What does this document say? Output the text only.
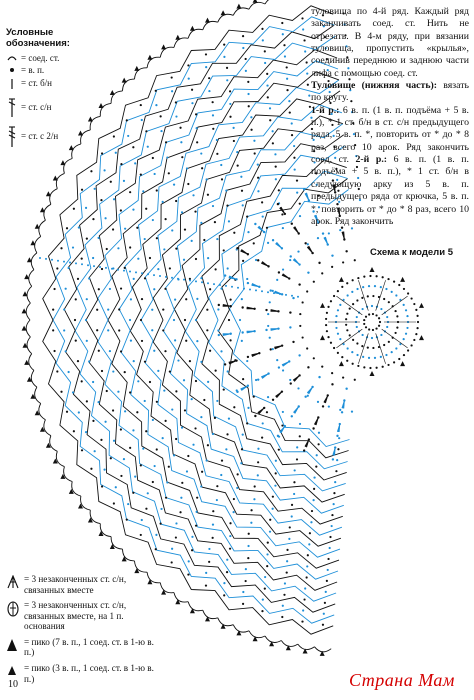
Условные обозначения:
= соед. ст.
= в. п.
= ст. б/н
= ст. с/н
= ст. с 2/н

туловища по 4-й ряд. Каждый ряд заканчивать соед. ст. Нить не отрезать. В 4-м ряду, при вязании туловища, пропустить «крылья», соединив переднюю и заднюю части лифа с помощью соед. ст.

Туловище (нижняя часть): вязать по кругу.

1-й р.: 6 в. п. (1 в. п. подъёма + 5 в. п.), * 1 ст. б/н в ст. с/н предыдущего ряда, 5 в. п. *, повторить от * до * 8 раз, всего 10 арок. Ряд закончить соед. ст. 2-й р.: 6 в. п. (1 в. п. подъёма + 5 в. п.), * 1 ст. б/н в следующую арку из 5 в. п. предыдущего ряда от крючка, 5 в. п. *, повторить от * до * 8 раз, всего 10 арок. Ряд закончить

Схема к модели 5
= 3 незаконченных ст. с/н, связанных вместе
= 3 незаконченных ст. с/н, связанных вместе, на 1 п. основания
= пико (7 в. п., 1 соед. ст. в 1-ю в. п.)
= пико (3 в. п., 1 соед. ст. в 1-ю в. п.)
10	Страна Мам
